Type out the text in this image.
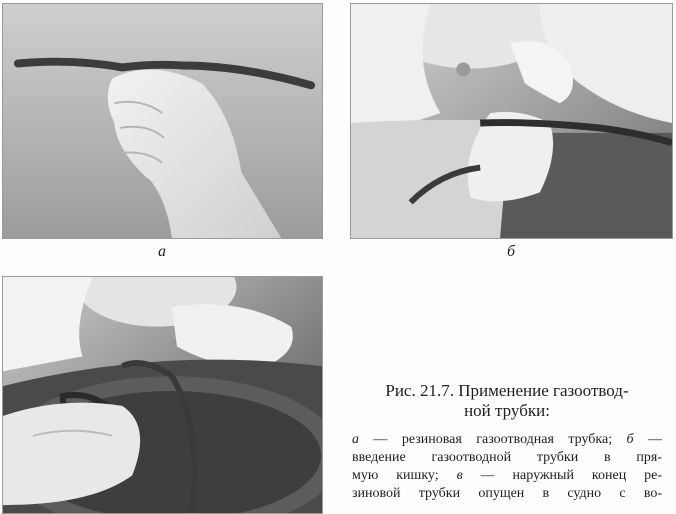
а	б

Рис. 21.7. Применение газоотвод-
ной трубки:

а — резиновая газоотводная трубка; б —
введение газоотводной трубки в пря-
мую кишку; в — наружный конец ре-
зиновой трубки опущен в судно с во-
